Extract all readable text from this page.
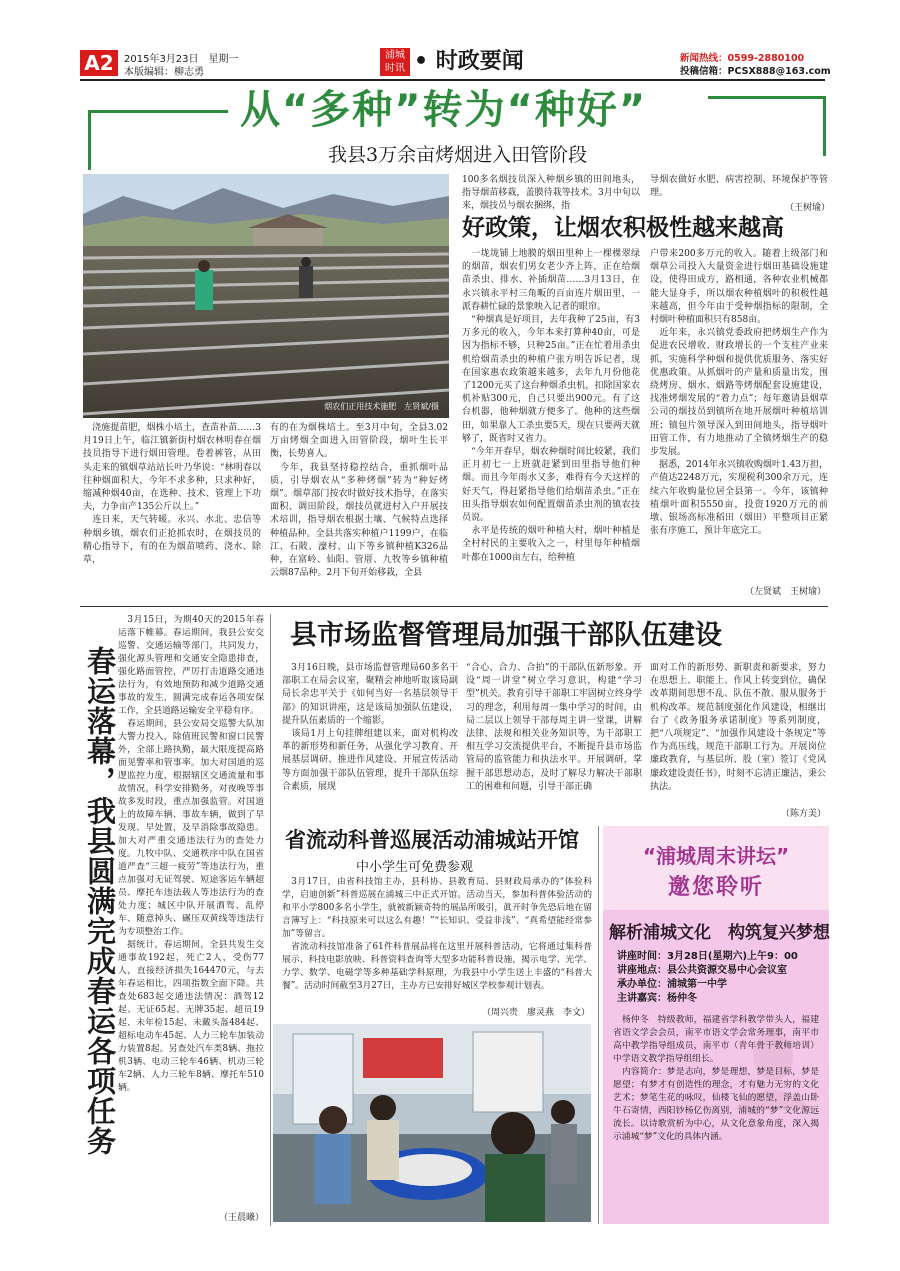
A2	2015年3月23日　星期一
本版编辑：柳志勇
浦城
时讯 • 时政要闻	新闻热线：0599-2880100
投稿信箱：PCSX888@163.com
从“多种”转为“种好”
我县3万余亩烤烟进入田管阶段
烟农们正用技术施肥　左贤斌/摄
　浇施提苗肥，烟株小培土，查苗补苗……3月19日上午，临江镇新街村烟农林明春在烟技员指导下进行烟田管理。卷着裤管，从田头走来的镇烟草站站长叶乃华说：“林明春以往种烟面积大，今年不求多种，只求种好，缩减种烟40亩，在选种、技术、管理上下功夫，力争亩产135公斤以上。”
　连日来，天气转暖。永兴、水北、忠信等种烟乡镇，烟农们正抢抓农时，在烟技员的精心指导下，有的在为烟苗喷药、浇水、除草，
有的在为烟株培土。至3月中旬，全县3.02万亩烤烟全面进入田管阶段，烟叶生长平衡，长势喜人。
　今年，我县坚持稳控结合，重抓烟叶品质，引导烟农从“多种烤烟”转为“种好烤烟”。烟草部门按农时做好技术指导，在落实面积、调田阶段，烟技员就进村入户开展技术培训，指导烟农根据土壤、气候特点选择种植品种。全县共落实种植户1199户，在临江、石陂、濠村、山下等乡镇种植K326品种，在富岭、仙阳、管厝、九牧等乡镇种植云烟87品种。2月下旬开始移栽，全县
100多名烟技员深入种烟乡镇的田间地头，指导烟苗移栽，盖膜待栽等技术。3月中旬以来，烟技员与烟农捆绑，指
导烟农做好水肥、病害控制、环境保护等管理。
（王树瑜）
好政策，让烟农积极性越来越高
　一垅垅铺上地膜的烟田里种上一棵棵翠绿的烟苗，烟农们男女老少齐上阵，正在给烟苗杀虫、排水、补插烟苗……3月13日，在永兴镇永平村三角畈的百亩连片烟田里，一派春耕忙碌的景象映入记者的眼帘。
　“种烟真是好项目，去年我种了25亩，有3万多元的收入，今年本来打算种40亩，可是因为指标不够，只种25亩。”正在忙着用杀虫机给烟苗杀虫的种植户张方明告诉记者，现在国家惠农政策越来越多，去年九月份他花了1200元买了这台种烟杀虫机，扣除国家农机补贴300元，自己只要出900元。有了这台机器，他种烟就方便多了。他种的这些烟田，如果靠人工杀虫要5天，现在只要两天就够了，既省时又省力。
　“今年开春早，烟农种烟时间比较紧，我们正月初七一上班就赶紧到田里指导他们种烟。而且今年雨水又多，难得有今天这样的好天气，得赶紧指导他们给烟苗杀虫。”正在田头指导烟农如何配置烟苗杀虫剂的镇农技员说。
　永平是传统的烟叶种植大村，烟叶种植是全村村民的主要收入之一，村里每年种植烟叶都在1000亩左右，给种植
户带来200多万元的收入。随着上级部门和烟草公司投入大量资金进行烟田基础设施建设，使得田成方，路相通，各种农业机械都能大显身手，所以烟农种植烟叶的积极性越来越高，但今年由于受种烟指标的限制，全村烟叶种植面积只有858亩。
　近年来，永兴镇党委政府把烤烟生产作为促进农民增收、财政增长的一个支柱产业来抓，实施科学种烟和提供优质服务、落实好优惠政策。从抓烟叶的产量和质量出发，围绕烤房、烟水、烟路等烤烟配套设施建设，找准烤烟发展的“着力点”；每年邀请县烟草公司的烟技员到镇所在地开展烟叶种植培训班；镇包片领导深入到田间地头，指导烟叶田管工作，有力地推动了全镇烤烟生产的稳步发展。
　据悉，2014年永兴镇收购烟叶1.43万担，产值达2248万元，实现税利300余万元，连续六年收购量位居全县第一。今年，该镇种植烟叶面积5550亩，投资1920万元的前墩、银场高标准稻田（烟田）平整项目正紧张有序施工，预计年底完工。
（左贤斌　王树瑜）
春运落幕，我县圆满完成春运各项任务
　3月15日，为期40天的2015年春运落下帷幕。春运期间，我县公安交巡警、交通运输等部门，共同发力，强化源头管理和交通安全隐患排查，强化路面管控，严厉打击道路交通违法行为，有效地预防和减少道路交通事故的发生，圆满完成春运各项安保工作，全县道路运输安全平稳有序。
　春运期间，县公安局交巡警大队加大警力投入，除值班民警和窗口民警外，全部上路执勤，最大限度提高路面见警率和管事率。加大对国道的巡逻监控力度，根据辖区交通流量和事故情况，科学安排勤务，对夜晚等事故多发时段，重点加强监管。对国道上的故障车辆、事故车辆，做到了早发现、早处置，及早消除事故隐患。加大对严重交通违法行为的查处力度。九牧中队、交通秩序中队在国省道严查“三超一疲劳”等违法行为，重点加强对无证驾驶、短途客运车辆超员、摩托车违法载人等违法行为的查处力度；城区中队开展酒驾、乱停车、随意掉头、碾压双黄线等违法行为专项整治工作。
　据统计，春运期间，全县共发生交通事故192起，死亡2人，受伤77人，直接经济损失164470元，与去年春运相比，四项指数全面下降。共查处683起交通违法情况：酒驾12起、无证65起、无牌35起、超员19起、未年检15起、未戴头盔484起、超标电动车45起、人力三轮车加装动力装置8起。另查处汽车类8辆、拖拉机3辆、电动三轮车46辆、机动三轮车2辆、人力三轮车8辆、摩托车510辆。
（王晨曦）
县市场监督管理局加强干部队伍建设
　3月16日晚，县市场监督管理局60多名干部职工在局会议室，聚精会神地听取该局副局长余忠平关于《如何当好一名基层领导干部》的知识讲座，这是该局加强队伍建设，提升队伍素质的一个缩影。
　该局1月上旬挂牌组建以来，面对机构改革的新形势和新任务，从强化学习教育、开展基层调研、推进作风建设、开展宣传活动等方面加强干部队伍管理，提升干部队伍综合素质，展现
“合心、合力、合拍”的干部队伍新形象。开设“周一讲堂”树立学习意识，构建“学习型”机关。教育引导干部职工牢固树立终身学习的理念，利用每周一集中学习的时间，由局二层以上领导干部每周主讲一堂课，讲解法律、法规和相关业务知识等，为干部职工相互学习交流提供平台，不断提升县市场监管局的监管能力和执法水平。开展调研，掌握干部思想动态，及时了解尽力解决干部职工的困难和问题，引导干部正确
面对工作的新形势、新职责和新要求，努力在思想上、职能上、作风上转变到位，确保改革期间思想不乱、队伍不散、服从服务于机构改革。规范制度强化作风建设，相继出台了《政务服务承诺制度》等系列制度，把“八项规定”、“加强作风建设十条规定”等作为高压线，规范干部职工行为。开展岗位廉政教育，与基层所、股（室）签订《党风廉政建设责任书》，时刻不忘清正廉洁，秉公执法。
（陈方美）
省流动科普巡展活动浦城站开馆
中小学生可免费参观
　3月17日，由省科技馆主办，县科协、县教育局、县财政局承办的“体验科学，启迪创新”科普巡展在浦城三中正式开馆。活动当天，参加科普体验活动的和平小学800多名小学生，就被新颖奇特的展品所吸引，眞开时争先恐后地在留言簿写上：“科技原来可以这么有趣！”“长知识、受益非浅”、“真希望能经常参加”等留言。
　省流动科技馆准备了61件科普展品将在这里开展科普活动，它将通过集科普展示、科技电影放映、科普资料查询等大型多功能科普设施，揭示电学、光学、力学、数学、电磁学等多种基础学科原理，为我县中小学生送上丰盛的“科普大餐”。活动时间截至3月27日，主办方已安排好城区学校参观计划表。
（周兴贵　廖灵燕　李文）
“浦城周末讲坛”
邀您聆听
解析浦城文化　构筑复兴梦想
讲座时间：3月28日(星期六)上午9：00
讲座地点：县公共资源交易中心会议室
承办单位：浦城第一中学
主讲嘉宾：杨仲冬
　杨仲冬　特级教师，福建省学科教学带头人，福建省语文学会会员，南平市语文学会常务理事，南平市高中教学指导组成员，南平市（青年骨干教师培训）中学语文教学指导组组长。
　内容简介：梦是志向，梦是理想，梦是目标，梦是愿望；有梦才有创造性的理念，才有魅力无穷的文化艺术；梦笔生花的咏叹，仙楼飞仙的愿望，浮盖山卧牛石寄情，西阳钞杨亿伤离别，浦城的“梦”文化源远流长。以诗歌赏析为中心，从文化意象角度，深入揭示浦城“梦”文化的具体内涵。
